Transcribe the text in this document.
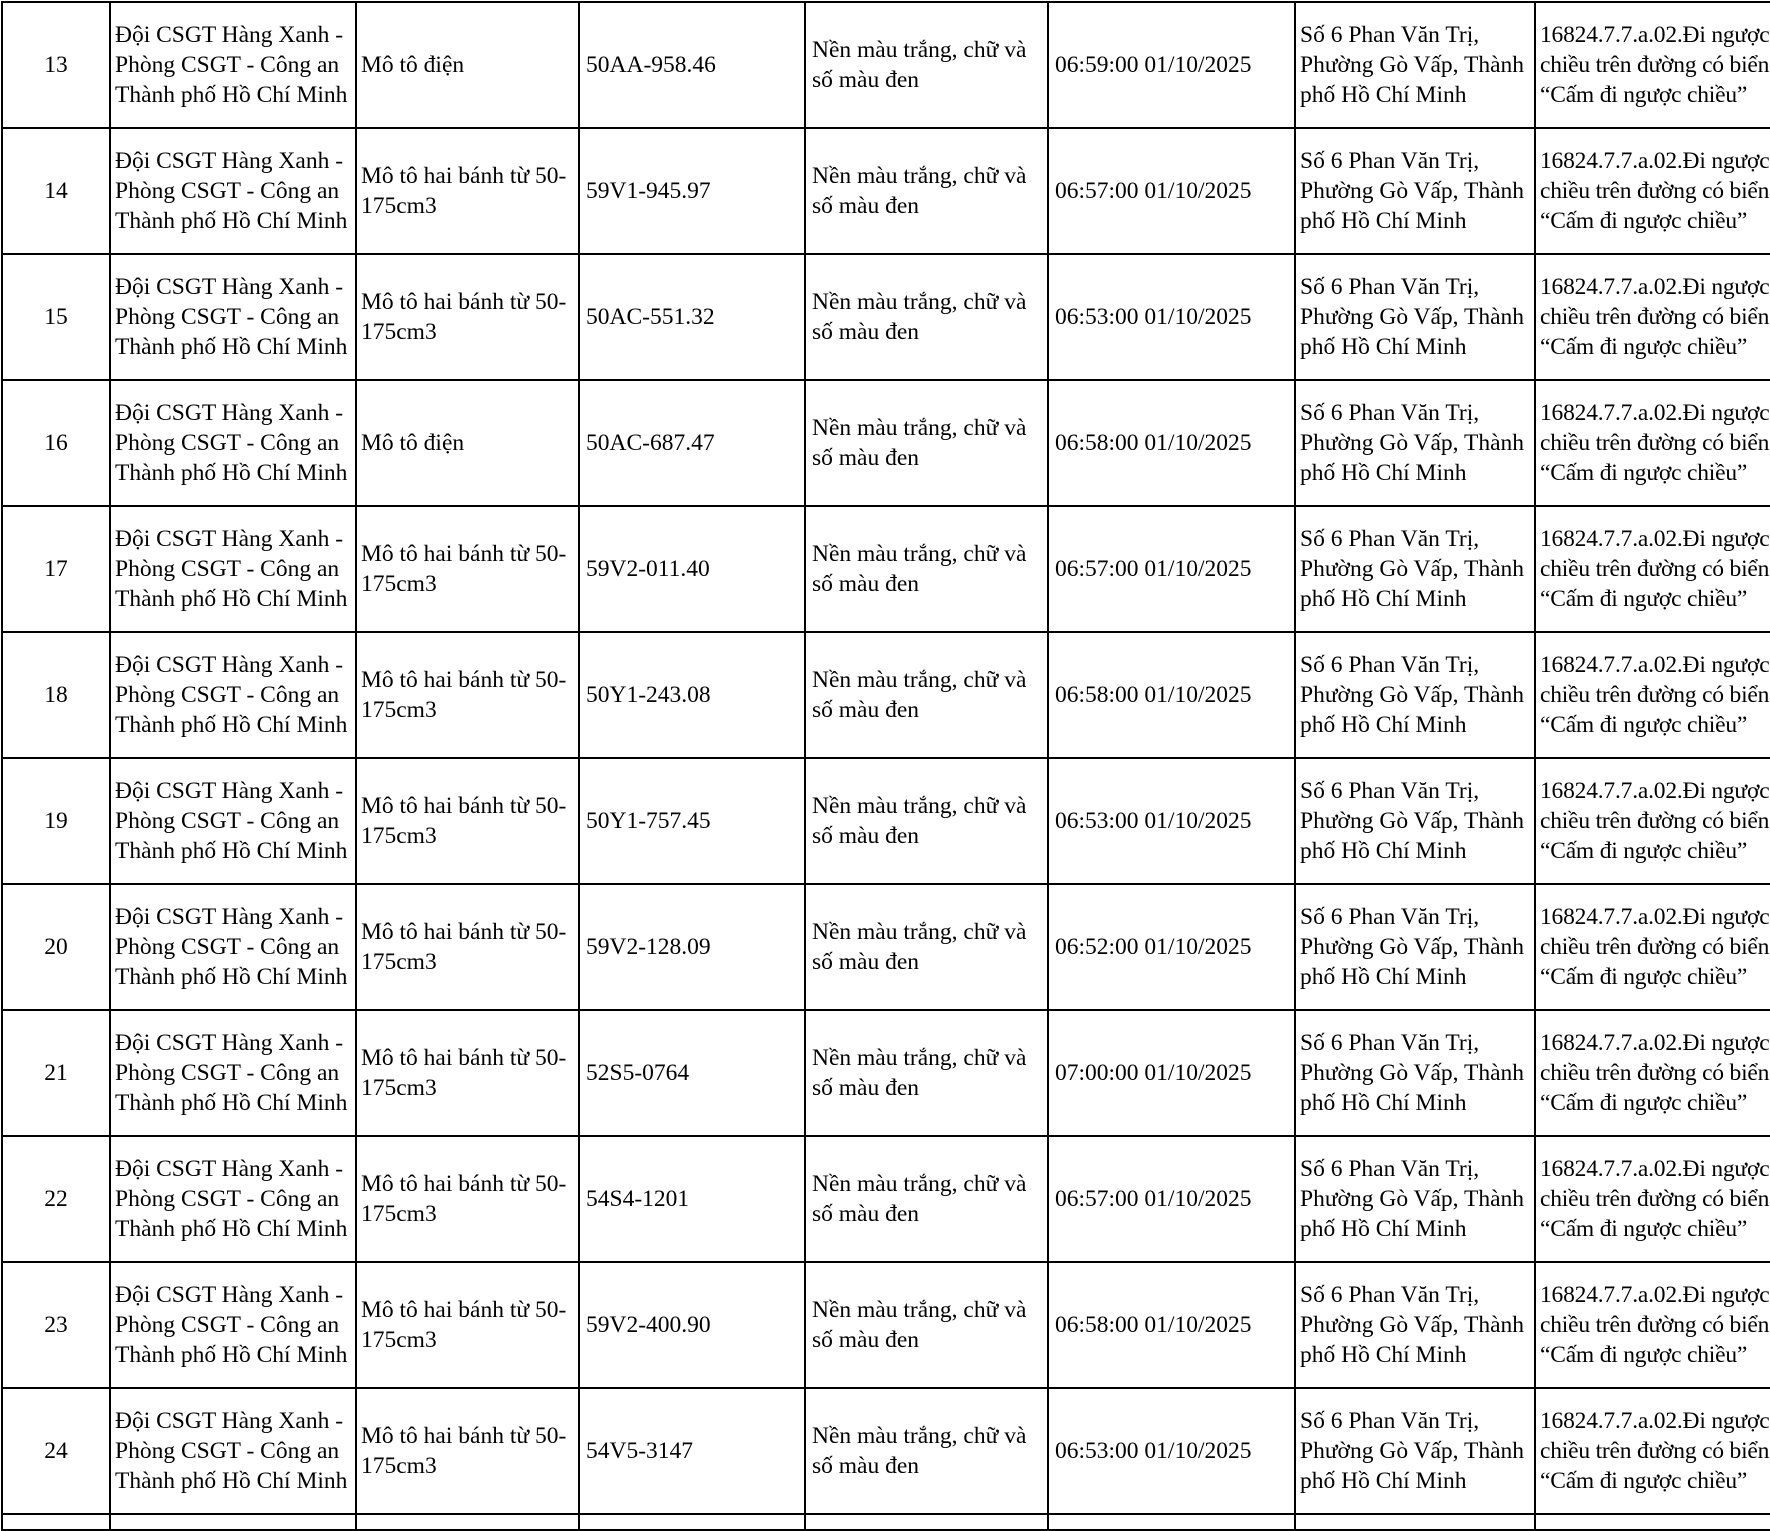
13	Đội CSGT Hàng Xanh - Phòng CSGT - Công an Thành phố Hồ Chí Minh	Mô tô điện	50AA-958.46	Nền màu trắng, chữ và số màu đen	06:59:00 01/10/2025	Số 6 Phan Văn Trị, Phường Gò Vấp, Thành phố Hồ Chí Minh	16824.7.7.a.02.Đi ngược chiều trên đường có biển “Cấm đi ngược chiều”
14	Đội CSGT Hàng Xanh - Phòng CSGT - Công an Thành phố Hồ Chí Minh	Mô tô hai bánh từ 50-175cm3	59V1-945.97	Nền màu trắng, chữ và số màu đen	06:57:00 01/10/2025	Số 6 Phan Văn Trị, Phường Gò Vấp, Thành phố Hồ Chí Minh	16824.7.7.a.02.Đi ngược chiều trên đường có biển “Cấm đi ngược chiều”
15	Đội CSGT Hàng Xanh - Phòng CSGT - Công an Thành phố Hồ Chí Minh	Mô tô hai bánh từ 50-175cm3	50AC-551.32	Nền màu trắng, chữ và số màu đen	06:53:00 01/10/2025	Số 6 Phan Văn Trị, Phường Gò Vấp, Thành phố Hồ Chí Minh	16824.7.7.a.02.Đi ngược chiều trên đường có biển “Cấm đi ngược chiều”
16	Đội CSGT Hàng Xanh - Phòng CSGT - Công an Thành phố Hồ Chí Minh	Mô tô điện	50AC-687.47	Nền màu trắng, chữ và số màu đen	06:58:00 01/10/2025	Số 6 Phan Văn Trị, Phường Gò Vấp, Thành phố Hồ Chí Minh	16824.7.7.a.02.Đi ngược chiều trên đường có biển “Cấm đi ngược chiều”
17	Đội CSGT Hàng Xanh - Phòng CSGT - Công an Thành phố Hồ Chí Minh	Mô tô hai bánh từ 50-175cm3	59V2-011.40	Nền màu trắng, chữ và số màu đen	06:57:00 01/10/2025	Số 6 Phan Văn Trị, Phường Gò Vấp, Thành phố Hồ Chí Minh	16824.7.7.a.02.Đi ngược chiều trên đường có biển “Cấm đi ngược chiều”
18	Đội CSGT Hàng Xanh - Phòng CSGT - Công an Thành phố Hồ Chí Minh	Mô tô hai bánh từ 50-175cm3	50Y1-243.08	Nền màu trắng, chữ và số màu đen	06:58:00 01/10/2025	Số 6 Phan Văn Trị, Phường Gò Vấp, Thành phố Hồ Chí Minh	16824.7.7.a.02.Đi ngược chiều trên đường có biển “Cấm đi ngược chiều”
19	Đội CSGT Hàng Xanh - Phòng CSGT - Công an Thành phố Hồ Chí Minh	Mô tô hai bánh từ 50-175cm3	50Y1-757.45	Nền màu trắng, chữ và số màu đen	06:53:00 01/10/2025	Số 6 Phan Văn Trị, Phường Gò Vấp, Thành phố Hồ Chí Minh	16824.7.7.a.02.Đi ngược chiều trên đường có biển “Cấm đi ngược chiều”
20	Đội CSGT Hàng Xanh - Phòng CSGT - Công an Thành phố Hồ Chí Minh	Mô tô hai bánh từ 50-175cm3	59V2-128.09	Nền màu trắng, chữ và số màu đen	06:52:00 01/10/2025	Số 6 Phan Văn Trị, Phường Gò Vấp, Thành phố Hồ Chí Minh	16824.7.7.a.02.Đi ngược chiều trên đường có biển “Cấm đi ngược chiều”
21	Đội CSGT Hàng Xanh - Phòng CSGT - Công an Thành phố Hồ Chí Minh	Mô tô hai bánh từ 50-175cm3	52S5-0764	Nền màu trắng, chữ và số màu đen	07:00:00 01/10/2025	Số 6 Phan Văn Trị, Phường Gò Vấp, Thành phố Hồ Chí Minh	16824.7.7.a.02.Đi ngược chiều trên đường có biển “Cấm đi ngược chiều”
22	Đội CSGT Hàng Xanh - Phòng CSGT - Công an Thành phố Hồ Chí Minh	Mô tô hai bánh từ 50-175cm3	54S4-1201	Nền màu trắng, chữ và số màu đen	06:57:00 01/10/2025	Số 6 Phan Văn Trị, Phường Gò Vấp, Thành phố Hồ Chí Minh	16824.7.7.a.02.Đi ngược chiều trên đường có biển “Cấm đi ngược chiều”
23	Đội CSGT Hàng Xanh - Phòng CSGT - Công an Thành phố Hồ Chí Minh	Mô tô hai bánh từ 50-175cm3	59V2-400.90	Nền màu trắng, chữ và số màu đen	06:58:00 01/10/2025	Số 6 Phan Văn Trị, Phường Gò Vấp, Thành phố Hồ Chí Minh	16824.7.7.a.02.Đi ngược chiều trên đường có biển “Cấm đi ngược chiều”
24	Đội CSGT Hàng Xanh - Phòng CSGT - Công an Thành phố Hồ Chí Minh	Mô tô hai bánh từ 50-175cm3	54V5-3147	Nền màu trắng, chữ và số màu đen	06:53:00 01/10/2025	Số 6 Phan Văn Trị, Phường Gò Vấp, Thành phố Hồ Chí Minh	16824.7.7.a.02.Đi ngược chiều trên đường có biển “Cấm đi ngược chiều”
